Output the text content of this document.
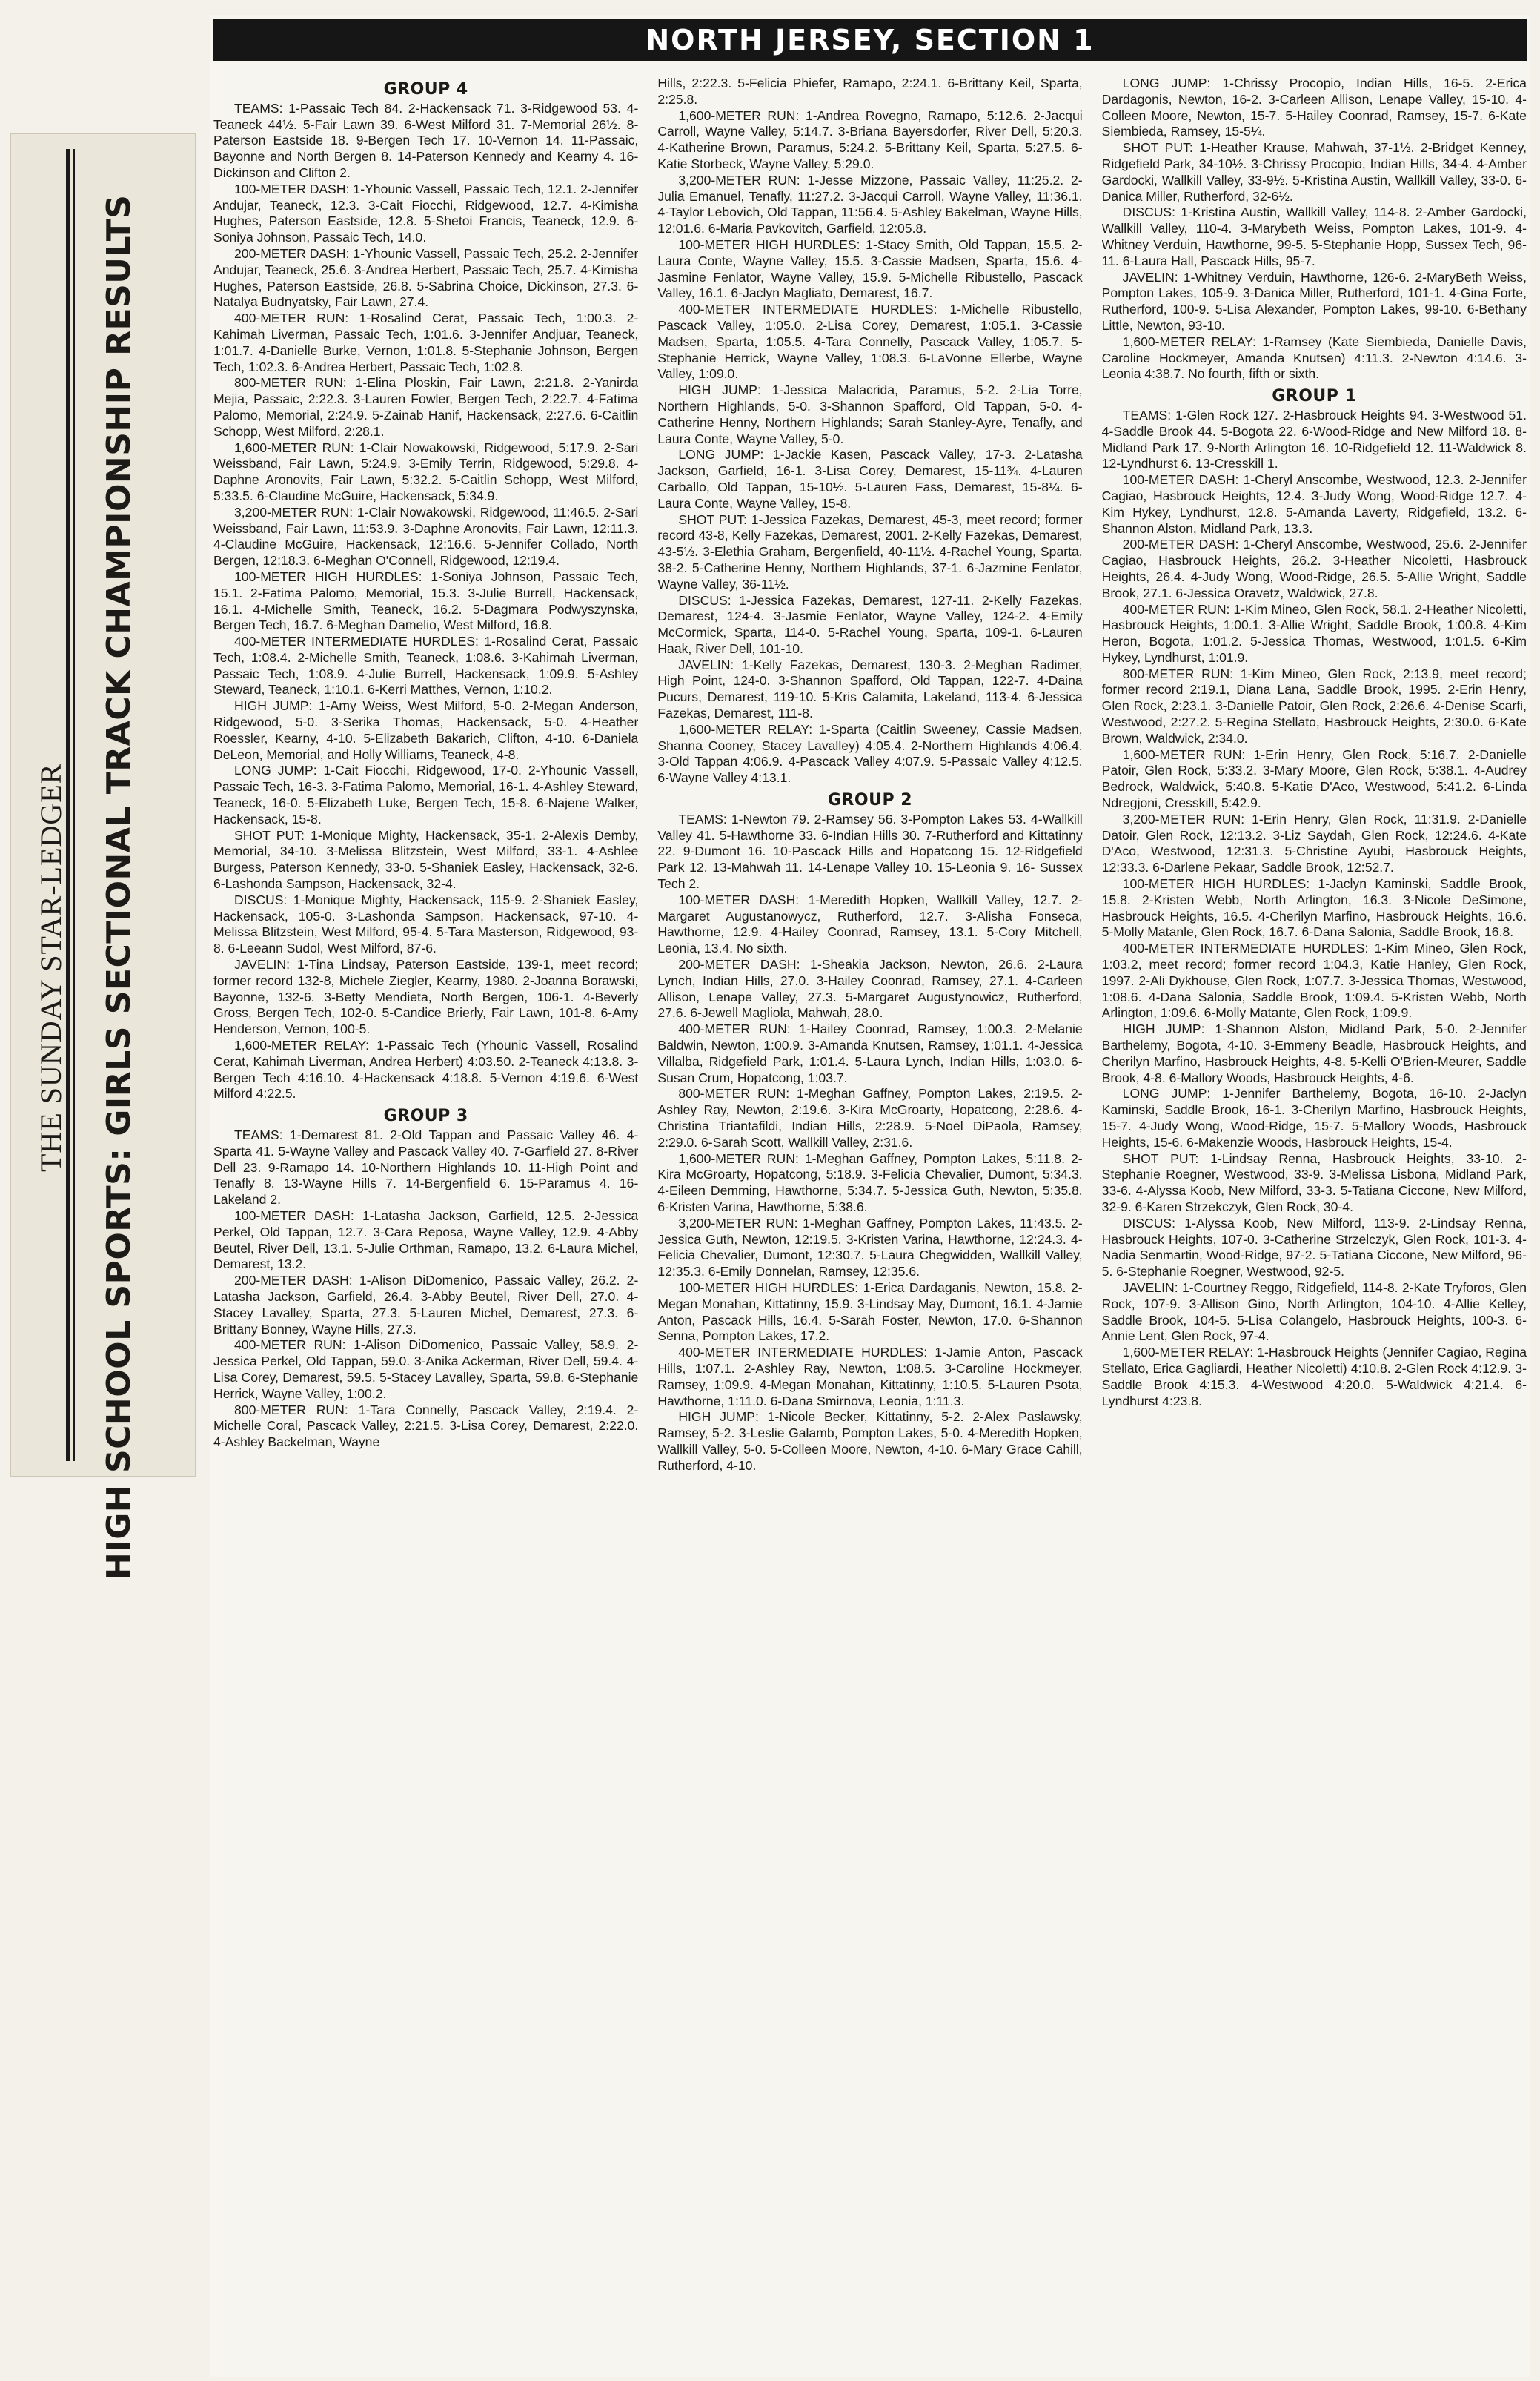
THE SUNDAY STAR-LEDGER HIGH SCHOOL SPORTS: GIRLS SECTIONAL TRACK CHAMPIONSHIP RESULTS
NORTH JERSEY, SECTION 1
GROUP 4

TEAMS: 1-Passaic Tech 84. 2-Hackensack 71. 3-Ridgewood 53. 4-Teaneck 44½. 5-Fair Lawn 39. 6-West Milford 31. 7-Memorial 26½. 8-Paterson Eastside 18. 9-Bergen Tech 17. 10-Vernon 14. 11-Passaic, Bayonne and North Bergen 8. 14-Paterson Kennedy and Kearny 4. 16-Dickinson and Clifton 2.

100-METER DASH: 1-Yhounic Vassell, Passaic Tech, 12.1. 2-Jennifer Andujar, Teaneck, 12.3. 3-Cait Fiocchi, Ridgewood, 12.7. 4-Kimisha Hughes, Paterson Eastside, 12.8. 5-Shetoi Francis, Teaneck, 12.9. 6-Soniya Johnson, Passaic Tech, 14.0.

200-METER DASH: 1-Yhounic Vassell, Passaic Tech, 25.2. 2-Jennifer Andujar, Teaneck, 25.6. 3-Andrea Herbert, Passaic Tech, 25.7. 4-Kimisha Hughes, Paterson Eastside, 26.8. 5-Sabrina Choice, Dickinson, 27.3. 6-Natalya Budnyatsky, Fair Lawn, 27.4.

400-METER RUN: 1-Rosalind Cerat, Passaic Tech, 1:00.3. 2-Kahimah Liverman, Passaic Tech, 1:01.6. 3-Jennifer Andjuar, Teaneck, 1:01.7. 4-Danielle Burke, Vernon, 1:01.8. 5-Stephanie Johnson, Bergen Tech, 1:02.3. 6-Andrea Herbert, Passaic Tech, 1:02.8.

800-METER RUN: 1-Elina Ploskin, Fair Lawn, 2:21.8. 2-Yanirda Mejia, Passaic, 2:22.3. 3-Lauren Fowler, Bergen Tech, 2:22.7. 4-Fatima Palomo, Memorial, 2:24.9. 5-Zainab Hanif, Hackensack, 2:27.6. 6-Caitlin Schopp, West Milford, 2:28.1.

1,600-METER RUN: 1-Clair Nowakowski, Ridgewood, 5:17.9. 2-Sari Weissband, Fair Lawn, 5:24.9. 3-Emily Terrin, Ridgewood, 5:29.8. 4-Daphne Aronovits, Fair Lawn, 5:32.2. 5-Caitlin Schopp, West Milford, 5:33.5. 6-Claudine McGuire, Hackensack, 5:34.9.

3,200-METER RUN: 1-Clair Nowakowski, Ridgewood, 11:46.5. 2-Sari Weissband, Fair Lawn, 11:53.9. 3-Daphne Aronovits, Fair Lawn, 12:11.3. 4-Claudine McGuire, Hackensack, 12:16.6. 5-Jennifer Collado, North Bergen, 12:18.3. 6-Meghan O'Connell, Ridgewood, 12:19.4.

100-METER HIGH HURDLES: 1-Soniya Johnson, Passaic Tech, 15.1. 2-Fatima Palomo, Memorial, 15.3. 3-Julie Burrell, Hackensack, 16.1. 4-Michelle Smith, Teaneck, 16.2. 5-Dagmara Podwyszynska, Bergen Tech, 16.7. 6-Meghan Damelio, West Milford, 16.8.

400-METER INTERMEDIATE HURDLES: 1-Rosalind Cerat, Passaic Tech, 1:08.4. 2-Michelle Smith, Teaneck, 1:08.6. 3-Kahimah Liverman, Passaic Tech, 1:08.9. 4-Julie Burrell, Hackensack, 1:09.9. 5-Ashley Steward, Teaneck, 1:10.1. 6-Kerri Matthes, Vernon, 1:10.2.

HIGH JUMP: 1-Amy Weiss, West Milford, 5-0. 2-Megan Anderson, Ridgewood, 5-0. 3-Serika Thomas, Hackensack, 5-0. 4-Heather Roessler, Kearny, 4-10. 5-Elizabeth Bakarich, Clifton, 4-10. 6-Daniela DeLeon, Memorial, and Holly Williams, Teaneck, 4-8.

LONG JUMP: 1-Cait Fiocchi, Ridgewood, 17-0. 2-Yhounic Vassell, Passaic Tech, 16-3. 3-Fatima Palomo, Memorial, 16-1. 4-Ashley Steward, Teaneck, 16-0. 5-Elizabeth Luke, Bergen Tech, 15-8. 6-Najene Walker, Hackensack, 15-8.

SHOT PUT: 1-Monique Mighty, Hackensack, 35-1. 2-Alexis Demby, Memorial, 34-10. 3-Melissa Blitzstein, West Milford, 33-1. 4-Ashlee Burgess, Paterson Kennedy, 33-0. 5-Shaniek Easley, Hackensack, 32-6. 6-Lashonda Sampson, Hackensack, 32-4.

DISCUS: 1-Monique Mighty, Hackensack, 115-9. 2-Shaniek Easley, Hackensack, 105-0. 3-Lashonda Sampson, Hackensack, 97-10. 4-Melissa Blitzstein, West Milford, 95-4. 5-Tara Masterson, Ridgewood, 93-8. 6-Leeann Sudol, West Milford, 87-6.

JAVELIN: 1-Tina Lindsay, Paterson Eastside, 139-1, meet record; former record 132-8, Michele Ziegler, Kearny, 1980. 2-Joanna Borawski, Bayonne, 132-6. 3-Betty Mendieta, North Bergen, 106-1. 4-Beverly Gross, Bergen Tech, 102-0. 5-Candice Brierly, Fair Lawn, 101-8. 6-Amy Henderson, Vernon, 100-5.

1,600-METER RELAY: 1-Passaic Tech (Yhounic Vassell, Rosalind Cerat, Kahimah Liverman, Andrea Herbert) 4:03.50. 2-Teaneck 4:13.8. 3-Bergen Tech 4:16.10. 4-Hackensack 4:18.8. 5-Vernon 4:19.6. 6-West Milford 4:22.5.

GROUP 3

TEAMS: 1-Demarest 81. 2-Old Tappan and Passaic Valley 46. 4-Sparta 41. 5-Wayne Valley and Pascack Valley 40. 7-Garfield 27. 8-River Dell 23. 9-Ramapo 14. 10-Northern Highlands 10. 11-High Point and Tenafly 8. 13-Wayne Hills 7. 14-Bergenfield 6. 15-Paramus 4. 16-Lakeland 2.

100-METER DASH: 1-Latasha Jackson, Garfield, 12.5. 2-Jessica Perkel, Old Tappan, 12.7. 3-Cara Reposa, Wayne Valley, 12.9. 4-Abby Beutel, River Dell, 13.1. 5-Julie Orthman, Ramapo, 13.2. 6-Laura Michel, Demarest, 13.2.

200-METER DASH: 1-Alison DiDomenico, Passaic Valley, 26.2. 2-Latasha Jackson, Garfield, 26.4. 3-Abby Beutel, River Dell, 27.0. 4-Stacey Lavalley, Sparta, 27.3. 5-Lauren Michel, Demarest, 27.3. 6-Brittany Bonney, Wayne Hills, 27.3.

400-METER RUN: 1-Alison DiDomenico, Passaic Valley, 58.9. 2-Jessica Perkel, Old Tappan, 59.0. 3-Anika Ackerman, River Dell, 59.4. 4-Lisa Corey, Demarest, 59.5. 5-Stacey Lavalley, Sparta, 59.8. 6-Stephanie Herrick, Wayne Valley, 1:00.2.

800-METER RUN: 1-Tara Connelly, Pascack Valley, 2:19.4. 2-Michelle Coral, Pascack Valley, 2:21.5. 3-Lisa Corey, Demarest, 2:22.0. 4-Ashley Backelman, Wayne

Hills, 2:22.3. 5-Felicia Phiefer, Ramapo, 2:24.1. 6-Brittany Keil, Sparta, 2:25.8.

1,600-METER RUN: 1-Andrea Rovegno, Ramapo, 5:12.6. 2-Jacqui Carroll, Wayne Valley, 5:14.7. 3-Briana Bayersdorfer, River Dell, 5:20.3. 4-Katherine Brown, Paramus, 5:24.2. 5-Brittany Keil, Sparta, 5:27.5. 6-Katie Storbeck, Wayne Valley, 5:29.0.

3,200-METER RUN: 1-Jesse Mizzone, Passaic Valley, 11:25.2. 2-Julia Emanuel, Tenafly, 11:27.2. 3-Jacqui Carroll, Wayne Valley, 11:36.1. 4-Taylor Lebovich, Old Tappan, 11:56.4. 5-Ashley Bakelman, Wayne Hills, 12:01.6. 6-Maria Pavkovitch, Garfield, 12:05.8.

100-METER HIGH HURDLES: 1-Stacy Smith, Old Tappan, 15.5. 2-Laura Conte, Wayne Valley, 15.5. 3-Cassie Madsen, Sparta, 15.6. 4-Jasmine Fenlator, Wayne Valley, 15.9. 5-Michelle Ribustello, Pascack Valley, 16.1. 6-Jaclyn Magliato, Demarest, 16.7.

400-METER INTERMEDIATE HURDLES: 1-Michelle Ribustello, Pascack Valley, 1:05.0. 2-Lisa Corey, Demarest, 1:05.1. 3-Cassie Madsen, Sparta, 1:05.5. 4-Tara Connelly, Pascack Valley, 1:05.7. 5-Stephanie Herrick, Wayne Valley, 1:08.3. 6-LaVonne Ellerbe, Wayne Valley, 1:09.0.

HIGH JUMP: 1-Jessica Malacrida, Paramus, 5-2. 2-Lia Torre, Northern Highlands, 5-0. 3-Shannon Spafford, Old Tappan, 5-0. 4-Catherine Henny, Northern Highlands; Sarah Stanley-Ayre, Tenafly, and Laura Conte, Wayne Valley, 5-0.

LONG JUMP: 1-Jackie Kasen, Pascack Valley, 17-3. 2-Latasha Jackson, Garfield, 16-1. 3-Lisa Corey, Demarest, 15-11¾. 4-Lauren Carballo, Old Tappan, 15-10½. 5-Lauren Fass, Demarest, 15-8¼. 6-Laura Conte, Wayne Valley, 15-8.

SHOT PUT: 1-Jessica Fazekas, Demarest, 45-3, meet record; former record 43-8, Kelly Fazekas, Demarest, 2001. 2-Kelly Fazekas, Demarest, 43-5½. 3-Elethia Graham, Bergenfield, 40-11½. 4-Rachel Young, Sparta, 38-2. 5-Catherine Henny, Northern Highlands, 37-1. 6-Jazmine Fenlator, Wayne Valley, 36-11½.

DISCUS: 1-Jessica Fazekas, Demarest, 127-11. 2-Kelly Fazekas, Demarest, 124-4. 3-Jasmie Fenlator, Wayne Valley, 124-2. 4-Emily McCormick, Sparta, 114-0. 5-Rachel Young, Sparta, 109-1. 6-Lauren Haak, River Dell, 101-10.

JAVELIN: 1-Kelly Fazekas, Demarest, 130-3. 2-Meghan Radimer, High Point, 124-0. 3-Shannon Spafford, Old Tappan, 122-7. 4-Daina Pucurs, Demarest, 119-10. 5-Kris Calamita, Lakeland, 113-4. 6-Jessica Fazekas, Demarest, 111-8.

1,600-METER RELAY: 1-Sparta (Caitlin Sweeney, Cassie Madsen, Shanna Cooney, Stacey Lavalley) 4:05.4. 2-Northern Highlands 4:06.4. 3-Old Tappan 4:06.9. 4-Pascack Valley 4:07.9. 5-Passaic Valley 4:12.5. 6-Wayne Valley 4:13.1.

GROUP 2

TEAMS: 1-Newton 79. 2-Ramsey 56. 3-Pompton Lakes 53. 4-Wallkill Valley 41. 5-Hawthorne 33. 6-Indian Hills 30. 7-Rutherford and Kittatinny 22. 9-Dumont 16. 10-Pascack Hills and Hopatcong 15. 12-Ridgefield Park 12. 13-Mahwah 11. 14-Lenape Valley 10. 15-Leonia 9. 16- Sussex Tech 2.

100-METER DASH: 1-Meredith Hopken, Wallkill Valley, 12.7. 2-Margaret Augustanowycz, Rutherford, 12.7. 3-Alisha Fonseca, Hawthorne, 12.9. 4-Hailey Coonrad, Ramsey, 13.1. 5-Cory Mitchell, Leonia, 13.4. No sixth.

200-METER DASH: 1-Sheakia Jackson, Newton, 26.6. 2-Laura Lynch, Indian Hills, 27.0. 3-Hailey Coonrad, Ramsey, 27.1. 4-Carleen Allison, Lenape Valley, 27.3. 5-Margaret Augustynowicz, Rutherford, 27.6. 6-Jewell Magliola, Mahwah, 28.0.

400-METER RUN: 1-Hailey Coonrad, Ramsey, 1:00.3. 2-Melanie Baldwin, Newton, 1:00.9. 3-Amanda Knutsen, Ramsey, 1:01.1. 4-Jessica Villalba, Ridgefield Park, 1:01.4. 5-Laura Lynch, Indian Hills, 1:03.0. 6-Susan Crum, Hopatcong, 1:03.7.

800-METER RUN: 1-Meghan Gaffney, Pompton Lakes, 2:19.5. 2-Ashley Ray, Newton, 2:19.6. 3-Kira McGroarty, Hopatcong, 2:28.6. 4-Christina Triantafildi, Indian Hills, 2:28.9. 5-Noel DiPaola, Ramsey, 2:29.0. 6-Sarah Scott, Wallkill Valley, 2:31.6.

1,600-METER RUN: 1-Meghan Gaffney, Pompton Lakes, 5:11.8. 2-Kira McGroarty, Hopatcong, 5:18.9. 3-Felicia Chevalier, Dumont, 5:34.3. 4-Eileen Demming, Hawthorne, 5:34.7. 5-Jessica Guth, Newton, 5:35.8. 6-Kristen Varina, Hawthorne, 5:38.6.

3,200-METER RUN: 1-Meghan Gaffney, Pompton Lakes, 11:43.5. 2-Jessica Guth, Newton, 12:19.5. 3-Kristen Varina, Hawthorne, 12:24.3. 4-Felicia Chevalier, Dumont, 12:30.7. 5-Laura Chegwidden, Wallkill Valley, 12:35.3. 6-Emily Donnelan, Ramsey, 12:35.6.

100-METER HIGH HURDLES: 1-Erica Dardaganis, Newton, 15.8. 2-Megan Monahan, Kittatinny, 15.9. 3-Lindsay May, Dumont, 16.1. 4-Jamie Anton, Pascack Hills, 16.4. 5-Sarah Foster, Newton, 17.0. 6-Shannon Senna, Pompton Lakes, 17.2.

400-METER INTERMEDIATE HURDLES: 1-Jamie Anton, Pascack Hills, 1:07.1. 2-Ashley Ray, Newton, 1:08.5. 3-Caroline Hockmeyer, Ramsey, 1:09.9. 4-Megan Monahan, Kittatinny, 1:10.5. 5-Lauren Psota, Hawthorne, 1:11.0. 6-Dana Smirnova, Leonia, 1:11.3.

HIGH JUMP: 1-Nicole Becker, Kittatinny, 5-2. 2-Alex Paslawsky, Ramsey, 5-2. 3-Leslie Galamb, Pompton Lakes, 5-0. 4-Meredith Hopken, Wallkill Valley, 5-0. 5-Colleen Moore, Newton, 4-10. 6-Mary Grace Cahill, Rutherford, 4-10.

LONG JUMP: 1-Chrissy Procopio, Indian Hills, 16-5. 2-Erica Dardagonis, Newton, 16-2. 3-Carleen Allison, Lenape Valley, 15-10. 4-Colleen Moore, Newton, 15-7. 5-Hailey Coonrad, Ramsey, 15-7. 6-Kate Siembieda, Ramsey, 15-5¼.

SHOT PUT: 1-Heather Krause, Mahwah, 37-1½. 2-Bridget Kenney, Ridgefield Park, 34-10½. 3-Chrissy Procopio, Indian Hills, 34-4. 4-Amber Gardocki, Wallkill Valley, 33-9½. 5-Kristina Austin, Wallkill Valley, 33-0. 6-Danica Miller, Rutherford, 32-6½.

DISCUS: 1-Kristina Austin, Wallkill Valley, 114-8. 2-Amber Gardocki, Wallkill Valley, 110-4. 3-Marybeth Weiss, Pompton Lakes, 101-9. 4-Whitney Verduin, Hawthorne, 99-5. 5-Stephanie Hopp, Sussex Tech, 96-11. 6-Laura Hall, Pascack Hills, 95-7.

JAVELIN: 1-Whitney Verduin, Hawthorne, 126-6. 2-MaryBeth Weiss, Pompton Lakes, 105-9. 3-Danica Miller, Rutherford, 101-1. 4-Gina Forte, Rutherford, 100-9. 5-Lisa Alexander, Pompton Lakes, 99-10. 6-Bethany Little, Newton, 93-10.

1,600-METER RELAY: 1-Ramsey (Kate Siembieda, Danielle Davis, Caroline Hockmeyer, Amanda Knutsen) 4:11.3. 2-Newton 4:14.6. 3-Leonia 4:38.7. No fourth, fifth or sixth.

GROUP 1

TEAMS: 1-Glen Rock 127. 2-Hasbrouck Heights 94. 3-Westwood 51. 4-Saddle Brook 44. 5-Bogota 22. 6-Wood-Ridge and New Milford 18. 8-Midland Park 17. 9-North Arlington 16. 10-Ridgefield 12. 11-Waldwick 8. 12-Lyndhurst 6. 13-Cresskill 1.

100-METER DASH: 1-Cheryl Anscombe, Westwood, 12.3. 2-Jennifer Cagiao, Hasbrouck Heights, 12.4. 3-Judy Wong, Wood-Ridge 12.7. 4-Kim Hykey, Lyndhurst, 12.8. 5-Amanda Laverty, Ridgefield, 13.2. 6-Shannon Alston, Midland Park, 13.3.

200-METER DASH: 1-Cheryl Anscombe, Westwood, 25.6. 2-Jennifer Cagiao, Hasbrouck Heights, 26.2. 3-Heather Nicoletti, Hasbrouck Heights, 26.4. 4-Judy Wong, Wood-Ridge, 26.5. 5-Allie Wright, Saddle Brook, 27.1. 6-Jessica Oravetz, Waldwick, 27.8.

400-METER RUN: 1-Kim Mineo, Glen Rock, 58.1. 2-Heather Nicoletti, Hasbrouck Heights, 1:00.1. 3-Allie Wright, Saddle Brook, 1:00.8. 4-Kim Heron, Bogota, 1:01.2. 5-Jessica Thomas, Westwood, 1:01.5. 6-Kim Hykey, Lyndhurst, 1:01.9.

800-METER RUN: 1-Kim Mineo, Glen Rock, 2:13.9, meet record; former record 2:19.1, Diana Lana, Saddle Brook, 1995. 2-Erin Henry, Glen Rock, 2:23.1. 3-Danielle Patoir, Glen Rock, 2:26.6. 4-Denise Scarfi, Westwood, 2:27.2. 5-Regina Stellato, Hasbrouck Heights, 2:30.0. 6-Kate Brown, Waldwick, 2:34.0.

1,600-METER RUN: 1-Erin Henry, Glen Rock, 5:16.7. 2-Danielle Patoir, Glen Rock, 5:33.2. 3-Mary Moore, Glen Rock, 5:38.1. 4-Audrey Bedrock, Waldwick, 5:40.8. 5-Katie D'Aco, Westwood, 5:41.2. 6-Linda Ndregjoni, Cresskill, 5:42.9.

3,200-METER RUN: 1-Erin Henry, Glen Rock, 11:31.9. 2-Danielle Datoir, Glen Rock, 12:13.2. 3-Liz Saydah, Glen Rock, 12:24.6. 4-Kate D'Aco, Westwood, 12:31.3. 5-Christine Ayubi, Hasbrouck Heights, 12:33.3. 6-Darlene Pekaar, Saddle Brook, 12:52.7.

100-METER HIGH HURDLES: 1-Jaclyn Kaminski, Saddle Brook, 15.8. 2-Kristen Webb, North Arlington, 16.3. 3-Nicole DeSimone, Hasbrouck Heights, 16.5. 4-Cherilyn Marfino, Hasbrouck Heights, 16.6. 5-Molly Matanle, Glen Rock, 16.7. 6-Dana Salonia, Saddle Brook, 16.8.

400-METER INTERMEDIATE HURDLES: 1-Kim Mineo, Glen Rock, 1:03.2, meet record; former record 1:04.3, Katie Hanley, Glen Rock, 1997. 2-Ali Dykhouse, Glen Rock, 1:07.7. 3-Jessica Thomas, Westwood, 1:08.6. 4-Dana Salonia, Saddle Brook, 1:09.4. 5-Kristen Webb, North Arlington, 1:09.6. 6-Molly Matante, Glen Rock, 1:09.9.

HIGH JUMP: 1-Shannon Alston, Midland Park, 5-0. 2-Jennifer Barthelemy, Bogota, 4-10. 3-Emmeny Beadle, Hasbrouck Heights, and Cherilyn Marfino, Hasbrouck Heights, 4-8. 5-Kelli O'Brien-Meurer, Saddle Brook, 4-8. 6-Mallory Woods, Hasbrouck Heights, 4-6.

LONG JUMP: 1-Jennifer Barthelemy, Bogota, 16-10. 2-Jaclyn Kaminski, Saddle Brook, 16-1. 3-Cherilyn Marfino, Hasbrouck Heights, 15-7. 4-Judy Wong, Wood-Ridge, 15-7. 5-Mallory Woods, Hasbrouck Heights, 15-6. 6-Makenzie Woods, Hasbrouck Heights, 15-4.

SHOT PUT: 1-Lindsay Renna, Hasbrouck Heights, 33-10. 2-Stephanie Roegner, Westwood, 33-9. 3-Melissa Lisbona, Midland Park, 33-6. 4-Alyssa Koob, New Milford, 33-3. 5-Tatiana Ciccone, New Milford, 32-9. 6-Karen Strzekczyk, Glen Rock, 30-4.

DISCUS: 1-Alyssa Koob, New Milford, 113-9. 2-Lindsay Renna, Hasbrouck Heights, 107-0. 3-Catherine Strzelczyk, Glen Rock, 101-3. 4-Nadia Senmartin, Wood-Ridge, 97-2. 5-Tatiana Ciccone, New Milford, 96-5. 6-Stephanie Roegner, Westwood, 92-5.

JAVELIN: 1-Courtney Reggo, Ridgefield, 114-8. 2-Kate Tryforos, Glen Rock, 107-9. 3-Allison Gino, North Arlington, 104-10. 4-Allie Kelley, Saddle Brook, 104-5. 5-Lisa Colangelo, Hasbrouck Heights, 100-3. 6-Annie Lent, Glen Rock, 97-4.

1,600-METER RELAY: 1-Hasbrouck Heights (Jennifer Cagiao, Regina Stellato, Erica Gagliardi, Heather Nicoletti) 4:10.8. 2-Glen Rock 4:12.9. 3-Saddle Brook 4:15.3. 4-Westwood 4:20.0. 5-Waldwick 4:21.4. 6-Lyndhurst 4:23.8.
